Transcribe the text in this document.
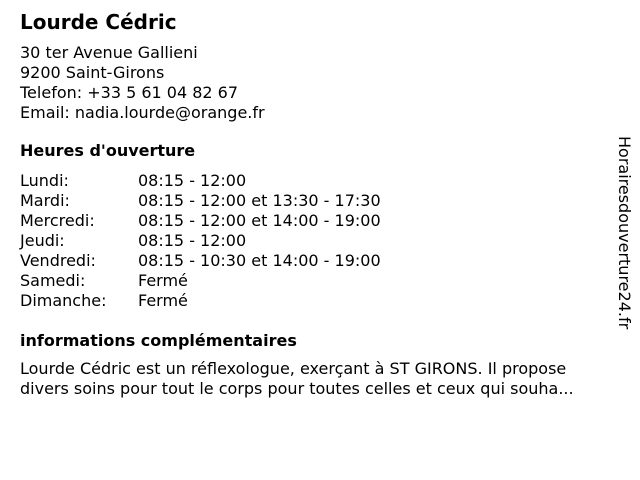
Lourde Cédric
30 ter Avenue Gallieni
9200 Saint-Girons
Telefon: +33 5 61 04 82 67
Email: nadia.lourde@orange.fr
Heures d'ouverture
Lundi:	08:15 - 12:00
Mardi:	08:15 - 12:00 et 13:30 - 17:30
Mercredi:	08:15 - 12:00 et 14:00 - 19:00
Jeudi:	08:15 - 12:00
Vendredi:	08:15 - 10:30 et 14:00 - 19:00
Samedi:	Fermé
Dimanche:	Fermé
informations complémentaires
Lourde Cédric est un réflexologue, exerçant à ST GIRONS. Il propose
divers soins pour tout le corps pour toutes celles et ceux qui souha...
Horairesdouverture24.fr
